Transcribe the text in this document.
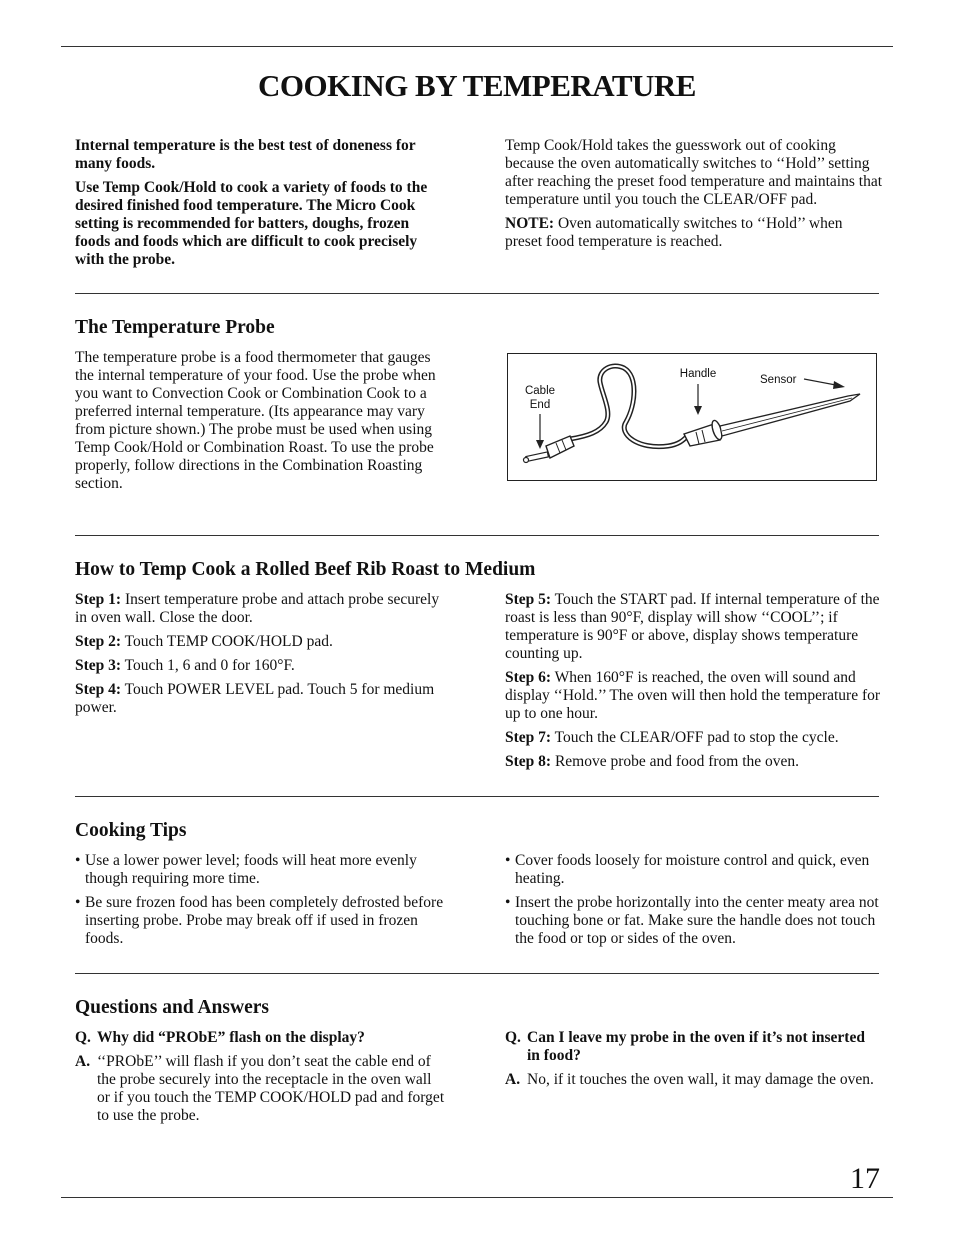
COOKING BY TEMPERATURE

Internal temperature is the best test of doneness for many foods.

Use Temp Cook/Hold to cook a variety of foods to the desired finished food temperature. The Micro Cook setting is recommended for batters, doughs, frozen foods and foods which are difficult to cook precisely with the probe.

Temp Cook/Hold takes the guesswork out of cooking because the oven automatically switches to ‘‘Hold’’ setting after reaching the preset food temperature and maintains that temperature until you touch the CLEAR/OFF pad.

NOTE: Oven automatically switches to ‘‘Hold’’ when preset food temperature is reached.

The Temperature Probe

The temperature probe is a food thermometer that gauges the internal temperature of your food. Use the probe when you want to Convection Cook or Combination Cook to a preferred internal temperature. (Its appearance may vary from picture shown.) The probe must be used when using Temp Cook/Hold or Combination Roast. To use the probe properly, follow directions in the Combination Roasting section.

Cable
End
Handle	Sensor
How to Temp Cook a Rolled Beef Rib Roast to Medium

Step 1: Insert temperature probe and attach probe securely in oven wall. Close the door.

Step 2: Touch TEMP COOK/HOLD pad.

Step 3: Touch 1, 6 and 0 for 160°F.

Step 4: Touch POWER LEVEL pad. Touch 5 for medium power.

Step 5: Touch the START pad. If internal temperature of the roast is less than 90°F, display will show ‘‘COOL’’; if temperature is 90°F or above, display shows temperature counting up.

Step 6: When 160°F is reached, the oven will sound and display ‘‘Hold.’’ The oven will then hold the temperature for up to one hour.

Step 7: Touch the CLEAR/OFF pad to stop the cycle.

Step 8: Remove probe and food from the oven.

Cooking Tips

• Use a lower power level; foods will heat more evenly though requiring more time.

• Be sure frozen food has been completely defrosted before inserting probe. Probe may break off if used in frozen foods.

• Cover foods loosely for moisture control and quick, even heating.

• Insert the probe horizontally into the center meaty area not touching bone or fat. Make sure the handle does not touch the food or top or sides of the oven.

Questions and Answers

Q. Why did “PRObE” flash on the display?

A. ‘‘PRObE’’ will flash if you don’t seat the cable end of the probe securely into the receptacle in the oven wall or if you touch the TEMP COOK/HOLD pad and forget to use the probe.

Q. Can I leave my probe in the oven if it’s not inserted in food?

A. No, if it touches the oven wall, it may damage the oven.

17
